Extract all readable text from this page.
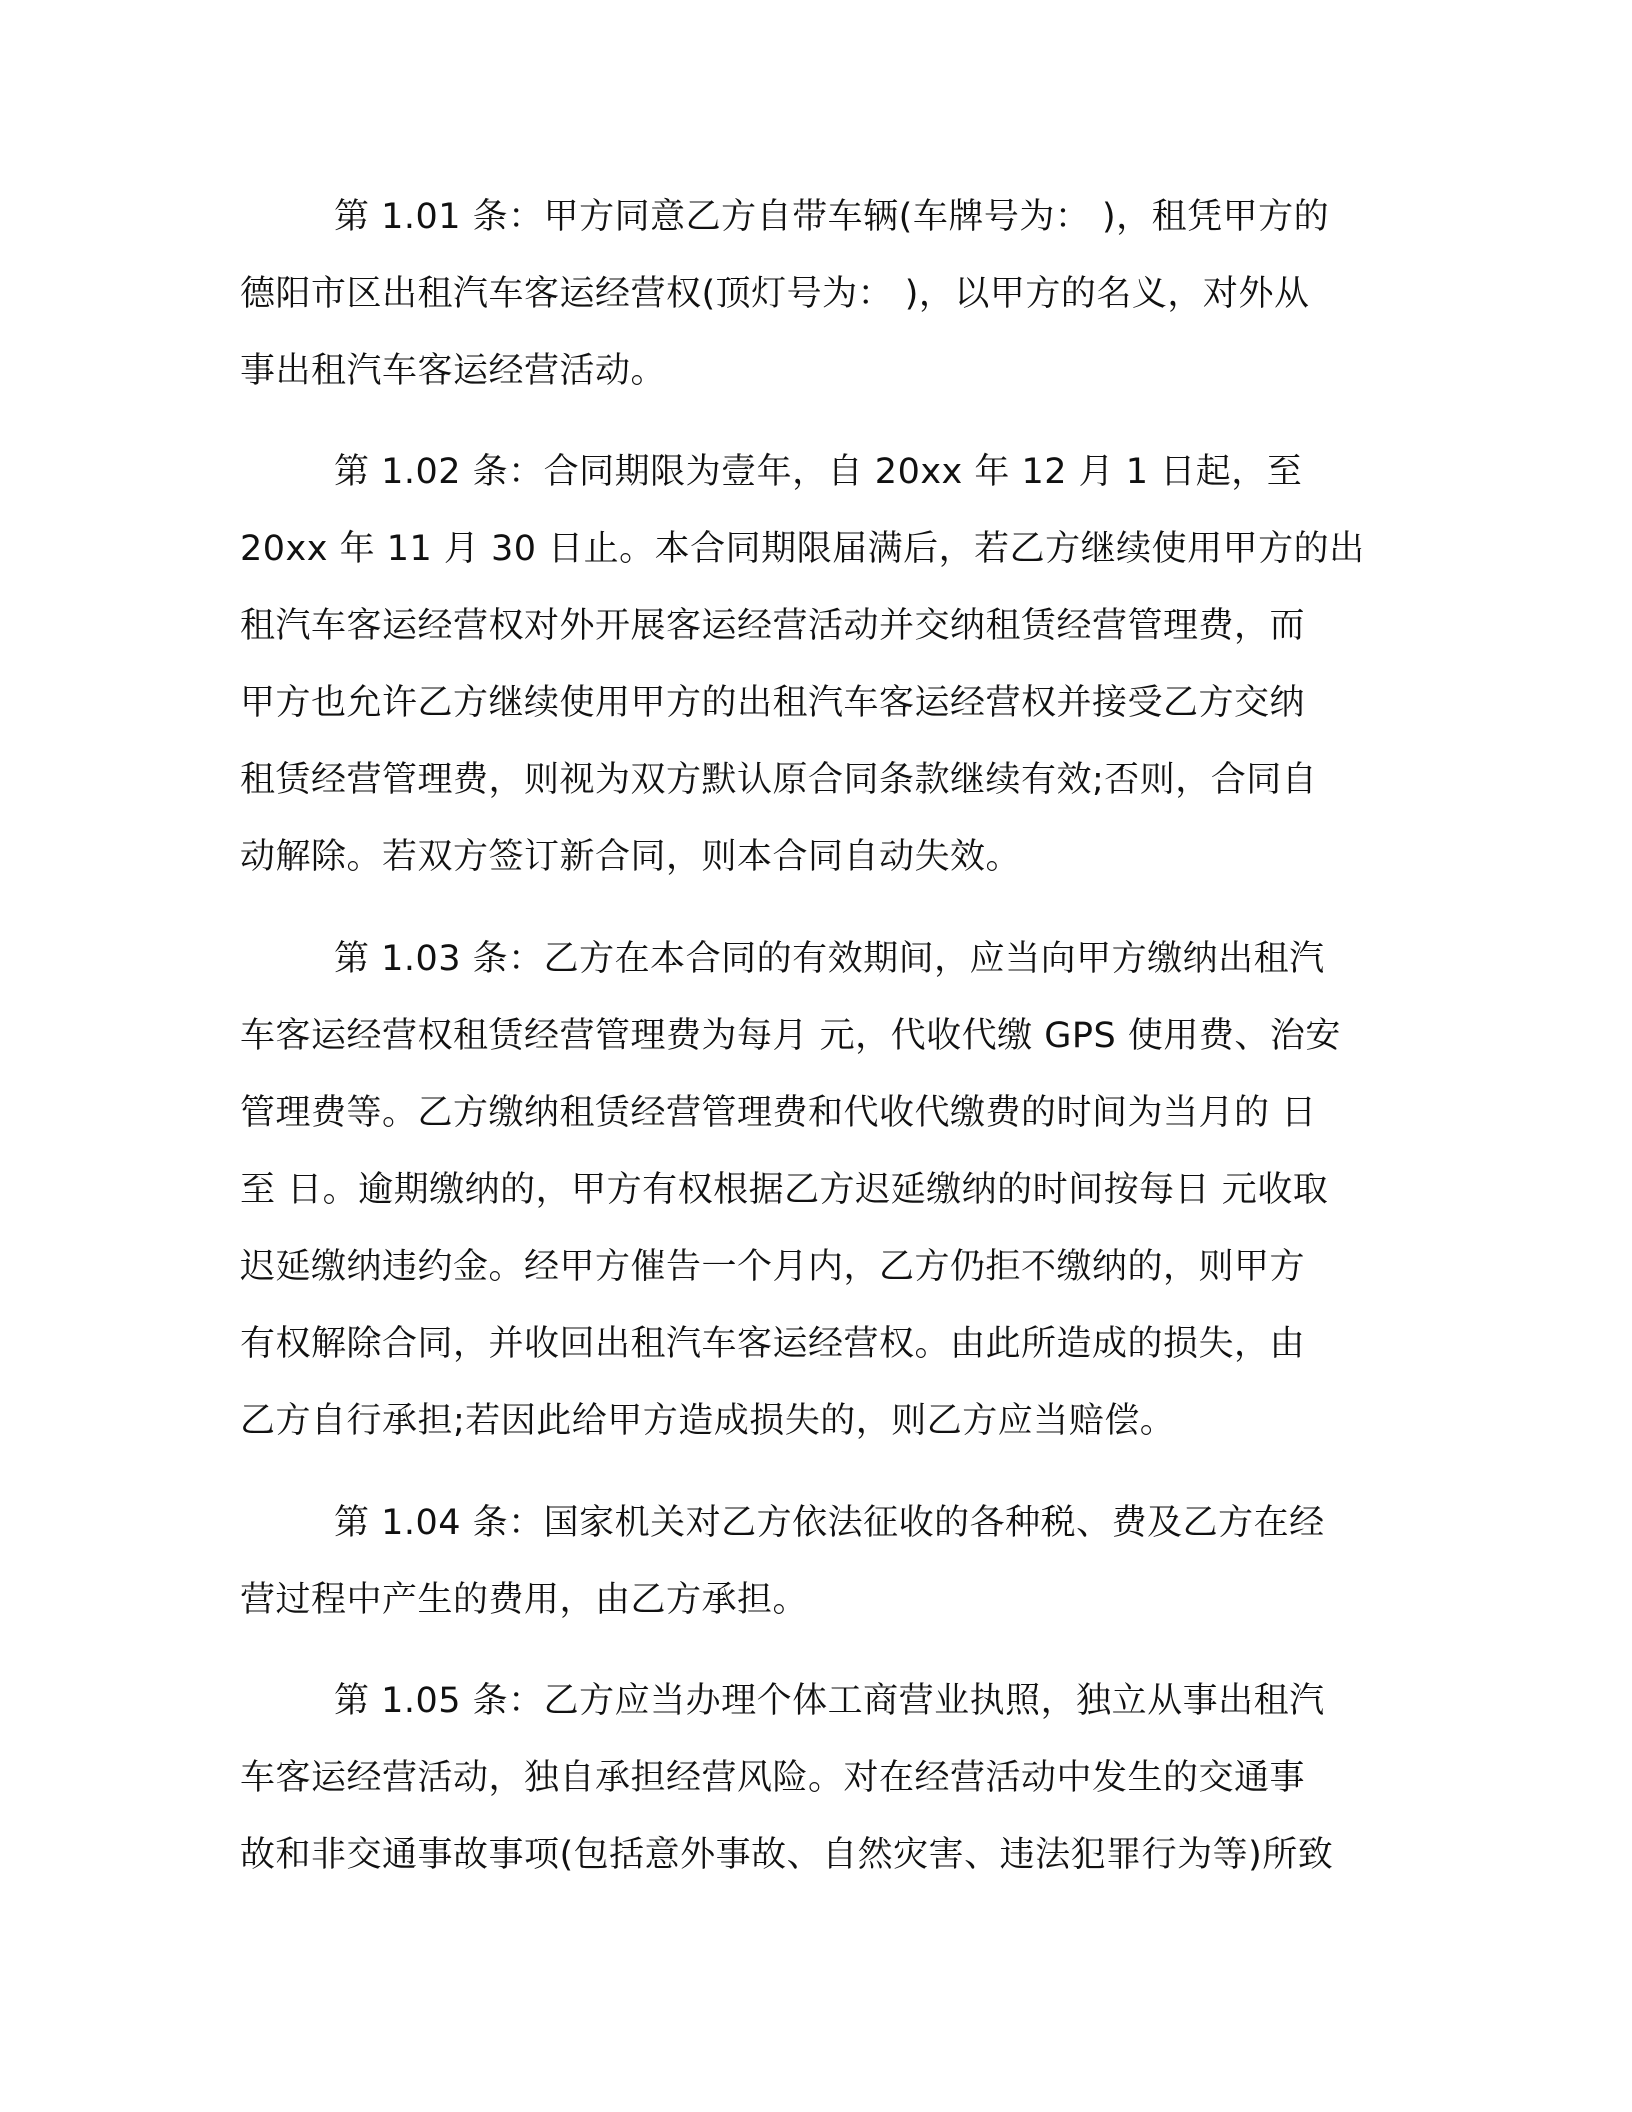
第 1.01 条：甲方同意乙方自带车辆(车牌号为： )，租凭甲方的
德阳市区出租汽车客运经营权(顶灯号为： )，以甲方的名义，对外从
事出租汽车客运经营活动。
第 1.02 条：合同期限为壹年，自 20xx 年 12 月 1 日起，至
20xx 年 11 月 30 日止。本合同期限届满后，若乙方继续使用甲方的出
租汽车客运经营权对外开展客运经营活动并交纳租赁经营管理费，而
甲方也允许乙方继续使用甲方的出租汽车客运经营权并接受乙方交纳
租赁经营管理费，则视为双方默认原合同条款继续有效;否则，合同自
动解除。若双方签订新合同，则本合同自动失效。
第 1.03 条：乙方在本合同的有效期间，应当向甲方缴纳出租汽
车客运经营权租赁经营管理费为每月 元，代收代缴 GPS 使用费、治安
管理费等。乙方缴纳租赁经营管理费和代收代缴费的时间为当月的 日
至 日。逾期缴纳的，甲方有权根据乙方迟延缴纳的时间按每日 元收取
迟延缴纳违约金。经甲方催告一个月内，乙方仍拒不缴纳的，则甲方
有权解除合同，并收回出租汽车客运经营权。由此所造成的损失，由
乙方自行承担;若因此给甲方造成损失的，则乙方应当赔偿。
第 1.04 条：国家机关对乙方依法征收的各种税、费及乙方在经
营过程中产生的费用，由乙方承担。
第 1.05 条：乙方应当办理个体工商营业执照，独立从事出租汽
车客运经营活动，独自承担经营风险。对在经营活动中发生的交通事
故和非交通事故事项(包括意外事故、自然灾害、违法犯罪行为等)所致
